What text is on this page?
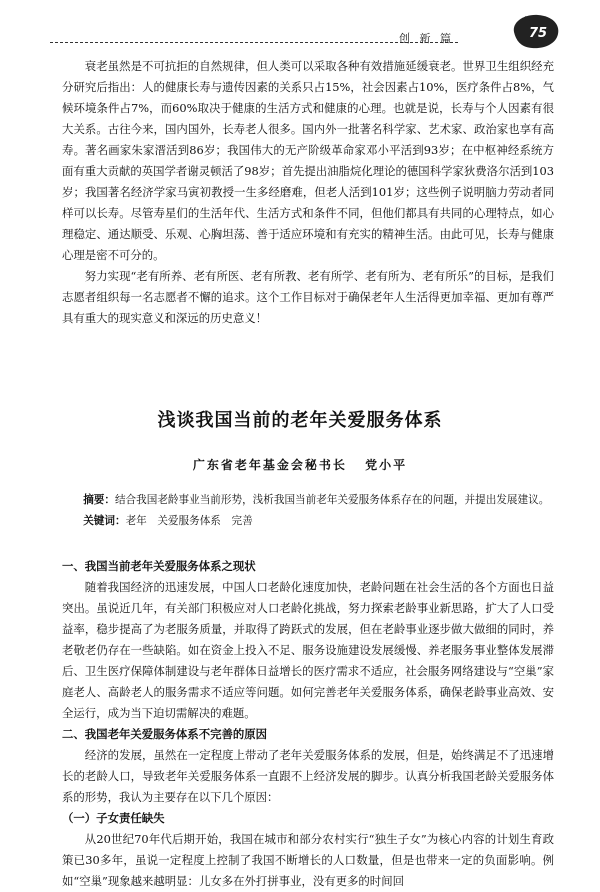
创 新 篇	75

衰老虽然是不可抗拒的自然规律，但人类可以采取各种有效措施延缓衰老。世界卫生组织经充分研究后指出：人的健康长寿与遗传因素的关系只占15%，社会因素占10%，医疗条件占8%，气候环境条件占7%，而60%取决于健康的生活方式和健康的心理。也就是说，长寿与个人因素有很大关系。古往今来，国内国外，长寿老人很多。国内外一批著名科学家、艺术家、政治家也享有高寿。著名画家朱家溍活到86岁；我国伟大的无产阶级革命家邓小平活到93岁；在中枢神经系统方面有重大贡献的英国学者谢灵顿活了98岁；首先提出油脂烷化理论的德国科学家狄费洛尔活到103岁；我国著名经济学家马寅初教授一生多经磨难，但老人活到101岁；这些例子说明脑力劳动者同样可以长寿。尽管寿星们的生活年代、生活方式和条件不同，但他们都具有共同的心理特点，如心理稳定、通达顺受、乐观、心胸坦荡、善于适应环境和有充实的精神生活。由此可见，长寿与健康心理是密不可分的。

努力实现“老有所养、老有所医、老有所教、老有所学、老有所为、老有所乐”的目标，是我们志愿者组织每一名志愿者不懈的追求。这个工作目标对于确保老年人生活得更加幸福、更加有尊严具有重大的现实意义和深远的历史意义！

浅谈我国当前的老年关爱服务体系
广东省老年基金会秘书长 党小平

摘要：结合我国老龄事业当前形势，浅析我国当前老年关爱服务体系存在的问题，并提出发展建议。

关键词：老年　关爱服务体系　完善

一、我国当前老年关爱服务体系之现状

随着我国经济的迅速发展，中国人口老龄化速度加快，老龄问题在社会生活的各个方面也日益突出。虽说近几年，有关部门积极应对人口老龄化挑战，努力探索老龄事业新思路，扩大了人口受益率，稳步提高了为老服务质量，并取得了跨跃式的发展，但在老龄事业逐步做大做细的同时，养老敬老仍存在一些缺陷。如在资金上投入不足、服务设施建设发展缓慢、养老服务事业整体发展滞后、卫生医疗保障体制建设与老年群体日益增长的医疗需求不适应，社会服务网络建设与“空巢”家庭老人、高龄老人的服务需求不适应等问题。如何完善老年关爱服务体系，确保老龄事业高效、安全运行，成为当下迫切需解决的难题。

二、我国老年关爱服务体系不完善的原因

经济的发展，虽然在一定程度上带动了老年关爱服务体系的发展，但是，始终满足不了迅速增长的老龄人口，导致老年关爱服务体系一直跟不上经济发展的脚步。认真分析我国老龄关爱服务体系的形势，我认为主要存在以下几个原因：

（一）子女责任缺失

从20世纪70年代后期开始，我国在城市和部分农村实行“独生子女”为核心内容的计划生育政策已30多年，虽说一定程度上控制了我国不断增长的人口数量，但是也带来一定的负面影响。例如“空巢”现象越来越明显：儿女多在外打拼事业，没有更多的时间回
